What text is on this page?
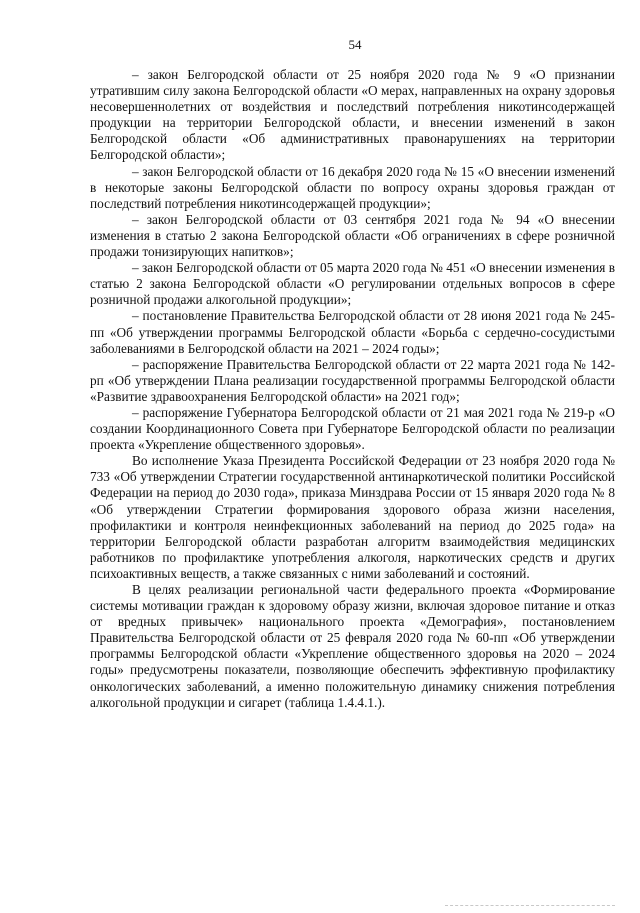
54

– закон Белгородской области от 25 ноября 2020 года № 9 «О признании утратившим силу закона Белгородской области «О мерах, направленных на охрану здоровья несовершеннолетних от воздействия и последствий потребления никотинсодержащей продукции на территории Белгородской области, и внесении изменений в закон Белгородской области «Об административных правонарушениях на территории Белгородской области»;

– закон Белгородской области от 16 декабря 2020 года № 15 «О внесении изменений в некоторые законы Белгородской области по вопросу охраны здоровья граждан от последствий потребления никотинсодержащей продукции»;

– закон Белгородской области от 03 сентября 2021 года № 94 «О внесении изменения в статью 2 закона Белгородской области «Об ограничениях в сфере розничной продажи тонизирующих напитков»;

– закон Белгородской области от 05 марта 2020 года № 451 «О внесении изменения в статью 2 закона Белгородской области «О регулировании отдельных вопросов в сфере розничной продажи алкогольной продукции»;

– постановление Правительства Белгородской области от 28 июня 2021 года № 245-пп «Об утверждении программы Белгородской области «Борьба с сердечно-сосудистыми заболеваниями в Белгородской области на 2021 – 2024 годы»;

– распоряжение Правительства Белгородской области от 22 марта 2021 года № 142-рп «Об утверждении Плана реализации государственной программы Белгородской области «Развитие здравоохранения Белгородской области» на 2021 год»;

– распоряжение Губернатора Белгородской области от 21 мая 2021 года № 219-р «О создании Координационного Совета при Губернаторе Белгородской области по реализации проекта «Укрепление общественного здоровья».

Во исполнение Указа Президента Российской Федерации от 23 ноября 2020 года № 733 «Об утверждении Стратегии государственной антинаркотической политики Российской Федерации на период до 2030 года», приказа Минздрава России от 15 января 2020 года № 8 «Об утверждении Стратегии формирования здорового образа жизни населения, профилактики и контроля неинфекционных заболеваний на период до 2025 года» на территории Белгородской области разработан алгоритм взаимодействия медицинских работников по профилактике употребления алкоголя, наркотических средств и других психоактивных веществ, а также связанных с ними заболеваний и состояний.

В целях реализации региональной части федерального проекта «Формирование системы мотивации граждан к здоровому образу жизни, включая здоровое питание и отказ от вредных привычек» национального проекта «Демография», постановлением Правительства Белгородской области от 25 февраля 2020 года № 60-пп «Об утверждении программы Белгородской области «Укрепление общественного здоровья на 2020 – 2024 годы» предусмотрены показатели, позволяющие обеспечить эффективную профилактику онкологических заболеваний, а именно положительную динамику снижения потребления алкогольной продукции и сигарет (таблица 1.4.4.1.).
